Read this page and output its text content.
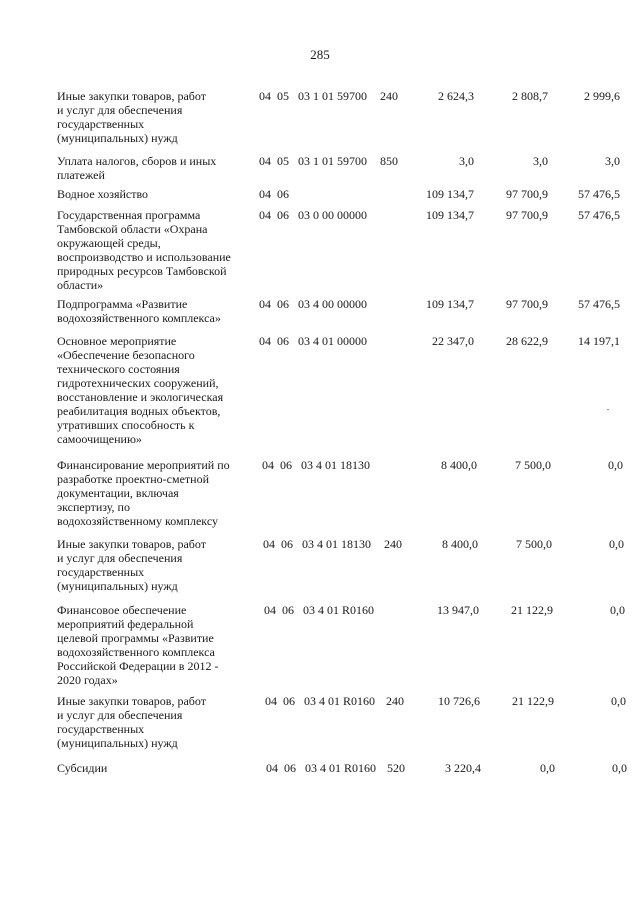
285
Иные закупки товаров, работ
и услуг для обеспечения
государственных
(муниципальных) нужд
04 05 03 1 01 59700 240	2 624,3	2 808,7	2 999,6
Уплата налогов, сборов и иных
платежей
04 05 03 1 01 59700 850	3,0	3,0	3,0
Водное хозяйство	04 06	109 134,7	97 700,9	57 476,5
Государственная программа
Тамбовской области «Охрана
окружающей среды,
воспроизводство и использование
природных ресурсов Тамбовской
области»
04 06 03 0 00 00000	109 134,7	97 700,9	57 476,5
Подпрограмма «Развитие
водохозяйственного комплекса»
04 06 03 4 00 00000	109 134,7	97 700,9	57 476,5
Основное мероприятие
«Обеспечение безопасного
технического состояния
гидротехнических сооружений,
восстановление и экологическая
реабилитация водных объектов,
утративших способность к
самоочищению»
04 06 03 4 01 00000	22 347,0	28 622,9	14 197,1
Финансирование мероприятий по
разработке проектно-сметной
документации, включая
экспертизу, по
водохозяйственному комплексу
04 06 03 4 01 18130	8 400,0	7 500,0	0,0
Иные закупки товаров, работ
и услуг для обеспечения
государственных
(муниципальных) нужд
04 06 03 4 01 18130 240	8 400,0	7 500,0	0,0
Финансовое обеспечение
мероприятий федеральной
целевой программы «Развитие
водохозяйственного комплекса
Российской Федерации в 2012 -
2020 годах»
04 06 03 4 01 R0160	13 947,0	21 122,9	0,0
Иные закупки товаров, работ
и услуг для обеспечения
государственных
(муниципальных) нужд
04 06 03 4 01 R0160 240	10 726,6	21 122,9	0,0
Субсидии	04 06 03 4 01 R0160 520	3 220,4	0,0	0,0
